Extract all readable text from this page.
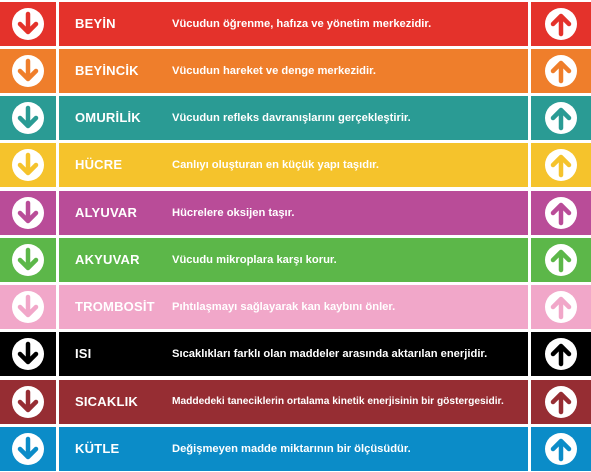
BEYİN	Vücudun öğrenme, hafıza ve yönetim merkezidir.
BEYİNCİK	Vücudun hareket ve denge merkezidir.
OMURİLİK	Vücudun refleks davranışlarını gerçekleştirir.
HÜCRE	Canlıyı oluşturan en küçük yapı taşıdır.
ALYUVAR	Hücrelere oksijen taşır.
AKYUVAR	Vücudu mikroplara karşı korur.
TROMBOSİT Pıhtılaşmayı sağlayarak kan kaybını önler.
ISI	Sıcaklıkları farklı olan maddeler arasında aktarılan enerjidir.
SICAKLIK	Maddedeki taneciklerin ortalama kinetik enerjisinin bir göstergesidir.
KÜTLE	Değişmeyen madde miktarının bir ölçüsüdür.
